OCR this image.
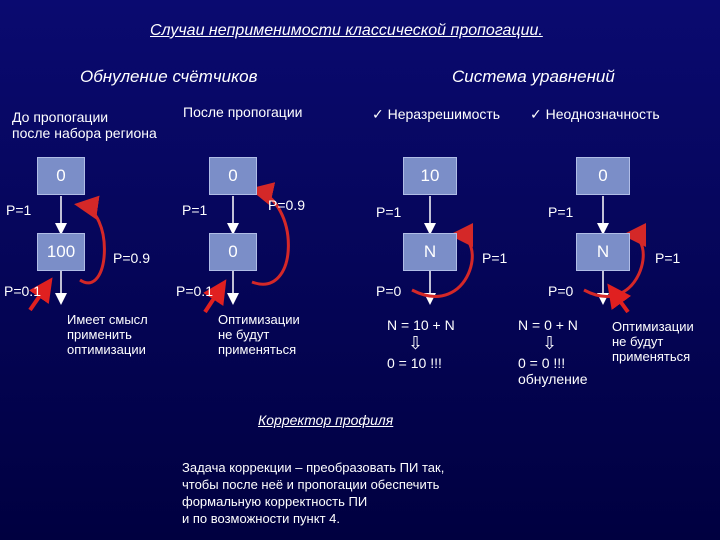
Случаи неприменимости классической пропогации.
Обнуление счётчиков	Система уравнений
До пропогации
после набора региона
После пропогации	✓ Неразрешимость ✓ Неоднозначность
0
100
0
0
10
N
0
N
P=1
P=0.9
P=0.1
P=1	P=0.9
P=0.1
P=1
P=1
P=0
P=1
P=1
P=0
Имеет смысл
применить
оптимизации
Оптимизации
не будут
применяться
N = 10 + N
⇩
0 = 10 !!!
N = 0 + N
⇩
0 = 0 !!!
обнуление
Оптимизации
не будут
применяться
Корректор профиля
Задача коррекции – преобразовать ПИ так,
чтобы после неё и пропогации обеспечить
формальную корректность ПИ
и по возможности пункт 4.
